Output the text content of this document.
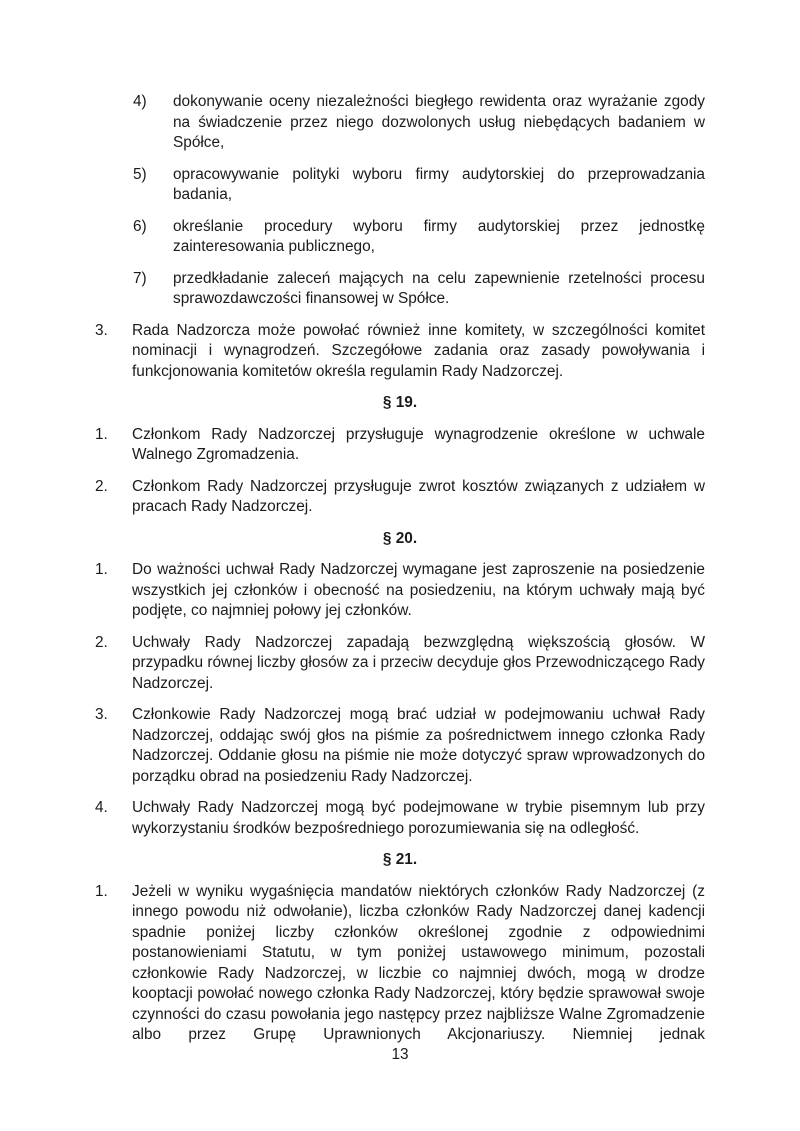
4) dokonywanie oceny niezależności biegłego rewidenta oraz wyrażanie zgody na świadczenie przez niego dozwolonych usług niebędących badaniem w Spółce,
5) opracowywanie polityki wyboru firmy audytorskiej do przeprowadzania badania,
6) określanie procedury wyboru firmy audytorskiej przez jednostkę zainteresowania publicznego,
7) przedkładanie zaleceń mających na celu zapewnienie rzetelności procesu sprawozdawczości finansowej w Spółce.
3. Rada Nadzorcza może powołać również inne komitety, w szczególności komitet nominacji i wynagrodzeń. Szczegółowe zadania oraz zasady powoływania i funkcjonowania komitetów określa regulamin Rady Nadzorczej.
§ 19.
1. Członkom Rady Nadzorczej przysługuje wynagrodzenie określone w uchwale Walnego Zgromadzenia.
2. Członkom Rady Nadzorczej przysługuje zwrot kosztów związanych z udziałem w pracach Rady Nadzorczej.
§ 20.
1. Do ważności uchwał Rady Nadzorczej wymagane jest zaproszenie na posiedzenie wszystkich jej członków i obecność na posiedzeniu, na którym uchwały mają być podjęte, co najmniej połowy jej członków.
2. Uchwały Rady Nadzorczej zapadają bezwzględną większością głosów. W przypadku równej liczby głosów za i przeciw decyduje głos Przewodniczącego Rady Nadzorczej.
3. Członkowie Rady Nadzorczej mogą brać udział w podejmowaniu uchwał Rady Nadzorczej, oddając swój głos na piśmie za pośrednictwem innego członka Rady Nadzorczej. Oddanie głosu na piśmie nie może dotyczyć spraw wprowadzonych do porządku obrad na posiedzeniu Rady Nadzorczej.
4. Uchwały Rady Nadzorczej mogą być podejmowane w trybie pisemnym lub przy wykorzystaniu środków bezpośredniego porozumiewania się na odległość.
§ 21.
1. Jeżeli w wyniku wygaśnięcia mandatów niektórych członków Rady Nadzorczej (z innego powodu niż odwołanie), liczba członków Rady Nadzorczej danej kadencji spadnie poniżej liczby członków określonej zgodnie z odpowiednimi postanowieniami Statutu, w tym poniżej ustawowego minimum, pozostali członkowie Rady Nadzorczej, w liczbie co najmniej dwóch, mogą w drodze kooptacji powołać nowego członka Rady Nadzorczej, który będzie sprawował swoje czynności do czasu powołania jego następcy przez najbliższe Walne Zgromadzenie albo przez Grupę Uprawnionych Akcjonariuszy. Niemniej jednak
13
